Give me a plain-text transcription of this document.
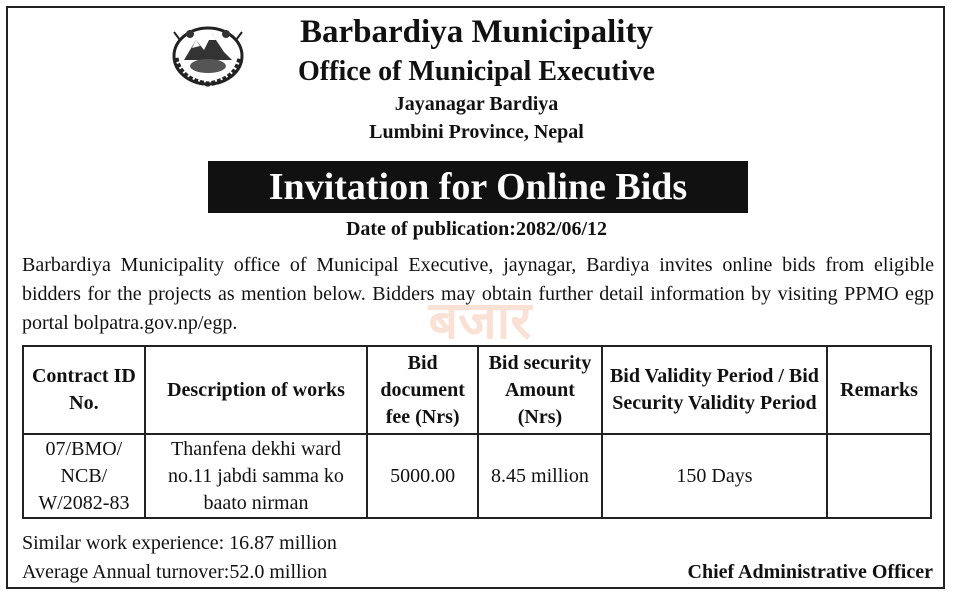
Barbardiya Municipality
Office of Municipal Executive
Jayanagar Bardiya
Lumbini Province, Nepal
Invitation for Online Bids
Date of publication:2082/06/12
Barbardiya Municipality office of Municipal Executive, jaynagar, Bardiya invites online bids from eligible bidders for the projects as mention below. Bidders may obtain further detail information by visiting PPMO egp portal bolpatra.gov.np/egp.	बजार
Contract ID No.	Description of works	Bid document fee (Nrs)	Bid security Amount (Nrs)	Bid Validity Period / Bid Security Validity Period	Remarks
07/BMO/ NCB/ W/2082-83	Thanfena dekhi ward no.11 jabdi samma ko baato nirman	5000.00	8.45 million	150 Days	
Similar work experience: 16.87 million
Average Annual turnover:52.0 million	Chief Administrative Officer
